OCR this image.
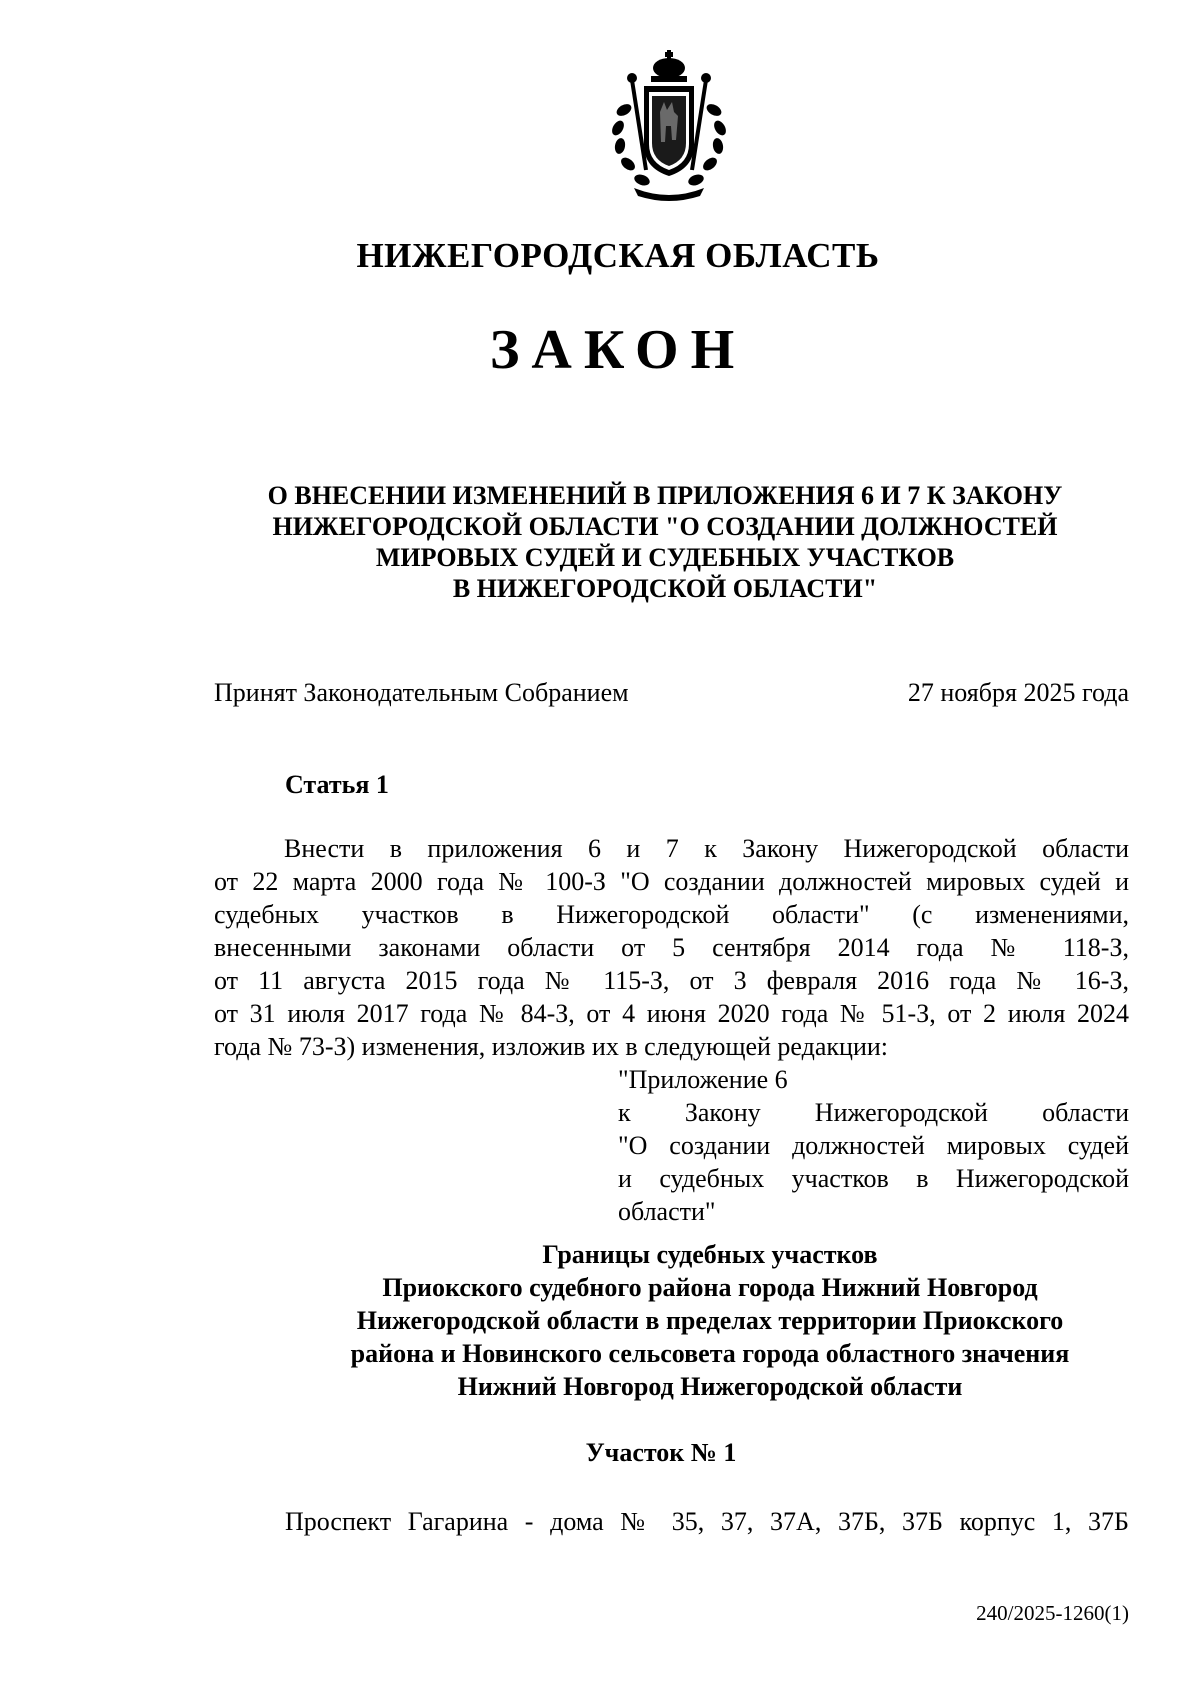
НИЖЕГОРОДСКАЯ ОБЛАСТЬ
ЗАКОН
О ВНЕСЕНИИ ИЗМЕНЕНИЙ В ПРИЛОЖЕНИЯ 6 И 7 К ЗАКОНУ
НИЖЕГОРОДСКОЙ ОБЛАСТИ "О СОЗДАНИИ ДОЛЖНОСТЕЙ
МИРОВЫХ СУДЕЙ И СУДЕБНЫХ УЧАСТКОВ
В НИЖЕГОРОДСКОЙ ОБЛАСТИ"
Принят Законодательным Собранием	27 ноября 2025 года
Статья 1
Внести в приложения 6 и 7 к Закону Нижегородской области
от 22 марта 2000 года № 100-З "О создании должностей мировых судей и
судебных участков в Нижегородской области" (с изменениями,
внесенными законами области от 5 сентября 2014 года № 118-З,
от 11 августа 2015 года № 115-З, от 3 февраля 2016 года № 16-З,
от 31 июля 2017 года № 84-З, от 4 июня 2020 года № 51-З, от 2 июля 2024
года № 73-З) изменения, изложив их в следующей редакции:
"Приложение 6
к Закону Нижегородской области
"О создании должностей мировых судей
и судебных участков в Нижегородской
области"
Границы судебных участков
Приокского судебного района города Нижний Новгород
Нижегородской области в пределах территории Приокского
района и Новинского сельсовета города областного значения
Нижний Новгород Нижегородской области
Участок № 1
Проспект Гагарина - дома № 35, 37, 37А, 37Б, 37Б корпус 1, 37Б
240/2025-1260(1)
